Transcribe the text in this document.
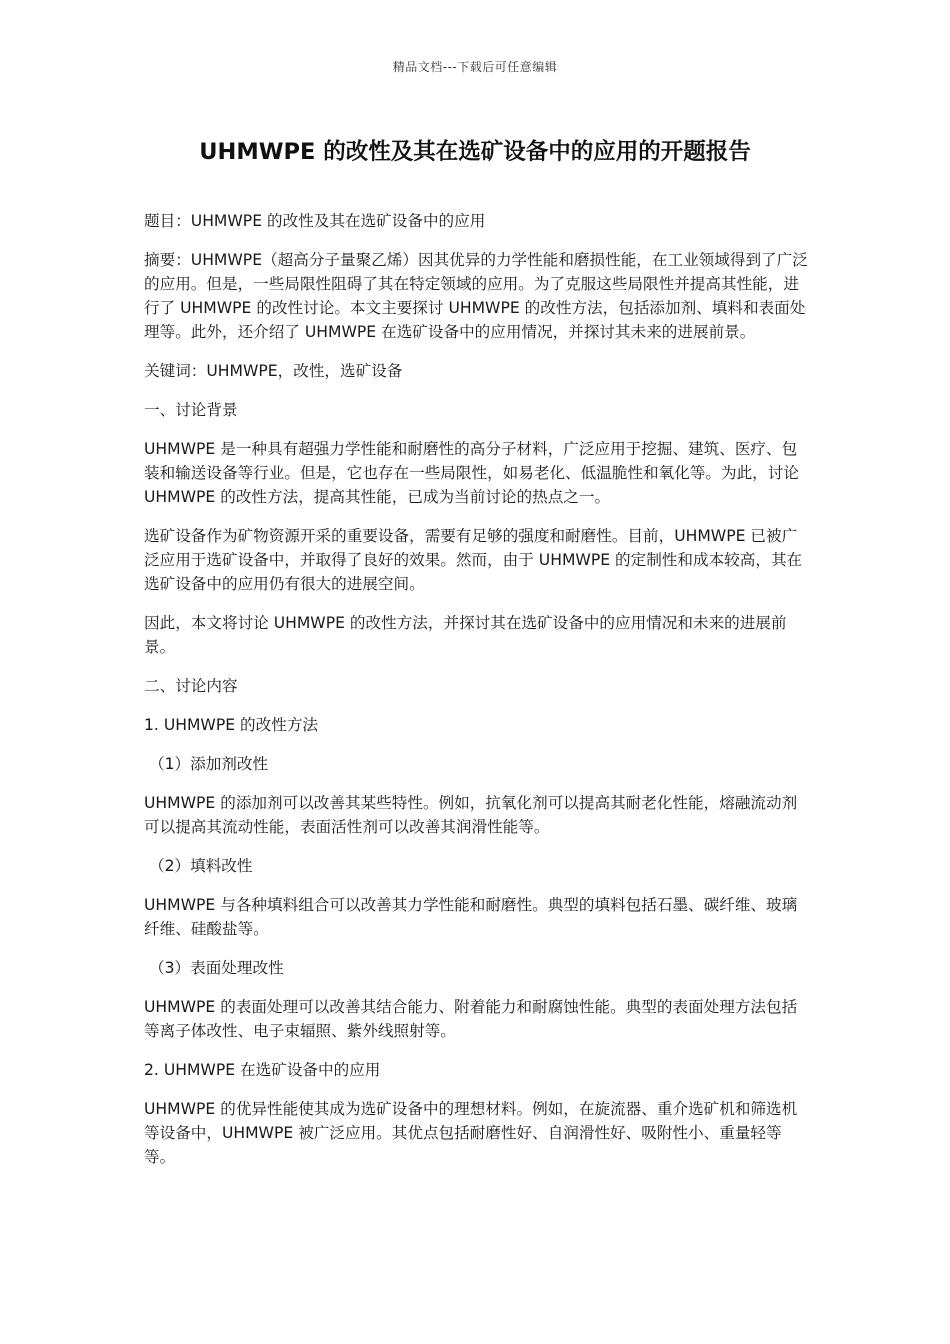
精品文档---下载后可任意编辑
UHMWPE 的改性及其在选矿设备中的应用的开题报告

题目：UHMWPE 的改性及其在选矿设备中的应用

摘要：UHMWPE（超高分子量聚乙烯）因其优异的力学性能和磨损性能，在工业领域得到了广泛的应用。但是，一些局限性阻碍了其在特定领域的应用。为了克服这些局限性并提高其性能，进行了 UHMWPE 的改性讨论。本文主要探讨 UHMWPE 的改性方法，包括添加剂、填料和表面处理等。此外，还介绍了 UHMWPE 在选矿设备中的应用情况，并探讨其未来的进展前景。

关键词：UHMWPE，改性，选矿设备

一、讨论背景

UHMWPE 是一种具有超强力学性能和耐磨性的高分子材料，广泛应用于挖掘、建筑、医疗、包装和输送设备等行业。但是，它也存在一些局限性，如易老化、低温脆性和氧化等。为此，讨论 UHMWPE 的改性方法，提高其性能，已成为当前讨论的热点之一。

选矿设备作为矿物资源开采的重要设备，需要有足够的强度和耐磨性。目前，UHMWPE 已被广泛应用于选矿设备中，并取得了良好的效果。然而，由于 UHMWPE 的定制性和成本较高，其在选矿设备中的应用仍有很大的进展空间。

因此，本文将讨论 UHMWPE 的改性方法，并探讨其在选矿设备中的应用情况和未来的进展前景。

二、讨论内容

1. UHMWPE 的改性方法

（1）添加剂改性

UHMWPE 的添加剂可以改善其某些特性。例如，抗氧化剂可以提高其耐老化性能，熔融流动剂可以提高其流动性能，表面活性剂可以改善其润滑性能等。

（2）填料改性

UHMWPE 与各种填料组合可以改善其力学性能和耐磨性。典型的填料包括石墨、碳纤维、玻璃纤维、硅酸盐等。

（3）表面处理改性

UHMWPE 的表面处理可以改善其结合能力、附着能力和耐腐蚀性能。典型的表面处理方法包括等离子体改性、电子束辐照、紫外线照射等。

2. UHMWPE 在选矿设备中的应用

UHMWPE 的优异性能使其成为选矿设备中的理想材料。例如，在旋流器、重介选矿机和筛选机等设备中，UHMWPE 被广泛应用。其优点包括耐磨性好、自润滑性好、吸附性小、重量轻等等。
